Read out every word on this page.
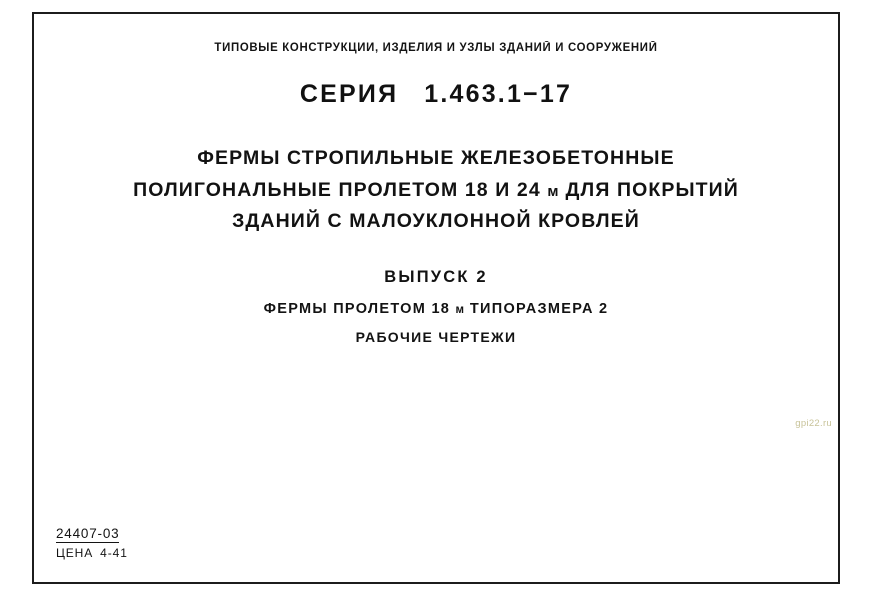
ТИПОВЫЕ КОНСТРУКЦИИ, ИЗДЕЛИЯ И УЗЛЫ ЗДАНИЙ И СООРУЖЕНИЙ
СЕРИЯ 1.463.1−17
ФЕРМЫ СТРОПИЛЬНЫЕ ЖЕЛЕЗОБЕТОННЫЕ
ПОЛИГОНАЛЬНЫЕ ПРОЛЕТОМ 18 И 24 м ДЛЯ ПОКРЫТИЙ
ЗДАНИЙ С МАЛОУКЛОННОЙ КРОВЛЕЙ
ВЫПУСК 2
ФЕРМЫ ПРОЛЕТОМ 18 м ТИПОРАЗМЕРА 2
РАБОЧИЕ ЧЕРТЕЖИ
gpi22.ru
24407-03
ЦЕНА 4-41
